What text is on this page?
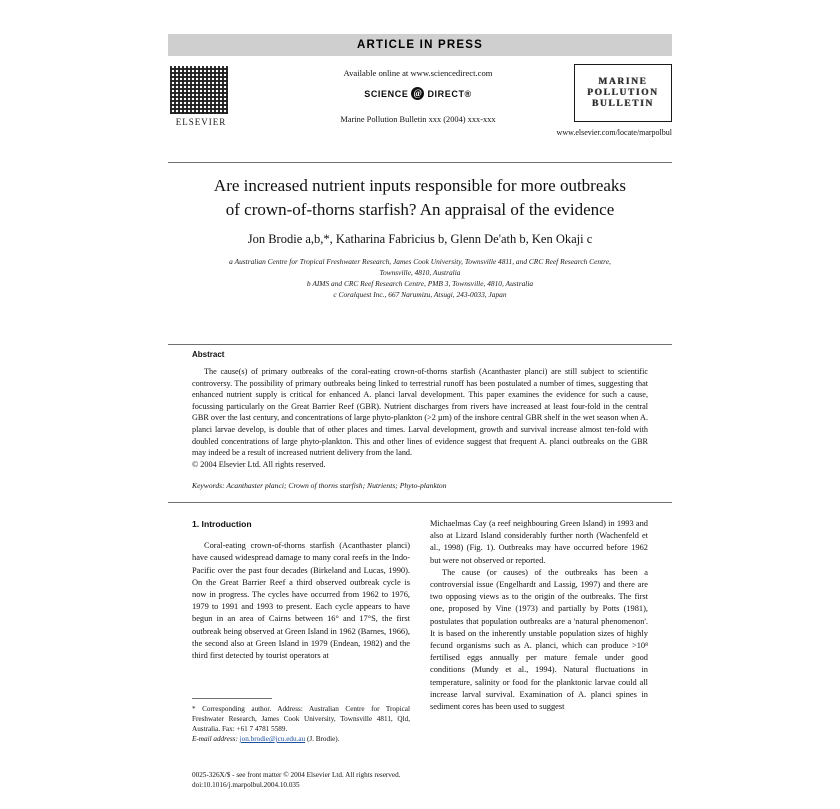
ARTICLE IN PRESS
ELSEVIER
Available online at www.sciencedirect.com
SCIENCE @ DIRECT®
Marine Pollution Bulletin xxx (2004) xxx-xxx
MARINE
POLLUTION
BULLETIN
www.elsevier.com/locate/marpolbul
Are increased nutrient inputs responsible for more outbreaks
of crown-of-thorns starfish? An appraisal of the evidence
Jon Brodie a,b,*, Katharina Fabricius b, Glenn De'ath b, Ken Okaji c
a Australian Centre for Tropical Freshwater Research, James Cook University, Townsville 4811, and CRC Reef Research Centre, Townsville, 4810, Australia
b AIMS and CRC Reef Research Centre, PMB 3, Townsville, 4810, Australia
c Coralquest Inc., 667 Narumizu, Atsugi, 243-0033, Japan
Abstract
The cause(s) of primary outbreaks of the coral-eating crown-of-thorns starfish (Acanthaster planci) are still subject to scientific controversy. The possibility of primary outbreaks being linked to terrestrial runoff has been postulated a number of times, suggesting that enhanced nutrient supply is critical for enhanced A. planci larval development. This paper examines the evidence for such a cause, focussing particularly on the Great Barrier Reef (GBR). Nutrient discharges from rivers have increased at least four-fold in the central GBR over the last century, and concentrations of large phyto-plankton (>2 µm) of the inshore central GBR shelf in the wet season when A. planci larvae develop, is double that of other places and times. Larval development, growth and survival increase almost ten-fold with doubled concentrations of large phyto-plankton. This and other lines of evidence suggest that frequent A. planci outbreaks on the GBR may indeed be a result of increased nutrient delivery from the land.
© 2004 Elsevier Ltd. All rights reserved.
Keywords: Acanthaster planci; Crown of thorns starfish; Nutrients; Phyto-plankton
1. Introduction

Coral-eating crown-of-thorns starfish (Acanthaster planci) have caused widespread damage to many coral reefs in the Indo-Pacific over the past four decades (Birkeland and Lucas, 1990). On the Great Barrier Reef a third observed outbreak cycle is now in progress. The cycles have occurred from 1962 to 1976, 1979 to 1991 and 1993 to present. Each cycle appears to have begun in an area of Cairns between 16° and 17°S, the first outbreak being observed at Green Island in 1962 (Barnes, 1966), the second also at Green Island in 1979 (Endean, 1982) and the third first detected by tourist operators at

Michaelmas Cay (a reef neighbouring Green Island) in 1993 and also at Lizard Island considerably further north (Wachenfeld et al., 1998) (Fig. 1). Outbreaks may have occurred before 1962 but were not observed or reported.

The cause (or causes) of the outbreaks has been a controversial issue (Engelhardt and Lassig, 1997) and there are two opposing views as to the origin of the outbreaks. The first one, proposed by Vine (1973) and partially by Potts (1981), postulates that population outbreaks are a 'natural phenomenon'. It is based on the inherently unstable population sizes of highly fecund organisms such as A. planci, which can produce >10⁸ fertilised eggs annually per mature female under good conditions (Mundy et al., 1994). Natural fluctuations in temperature, salinity or food for the planktonic larvae could all increase larval survival. Examination of A. planci spines in sediment cores has been used to suggest

* Corresponding author. Address: Australian Centre for Tropical Freshwater Research, James Cook University, Townsville 4811, Qld, Australia. Fax: +61 7 4781 5589.
E-mail address: jon.brodie@jcu.edu.au (J. Brodie).
0025-326X/$ - see front matter © 2004 Elsevier Ltd. All rights reserved.
doi:10.1016/j.marpolbul.2004.10.035
